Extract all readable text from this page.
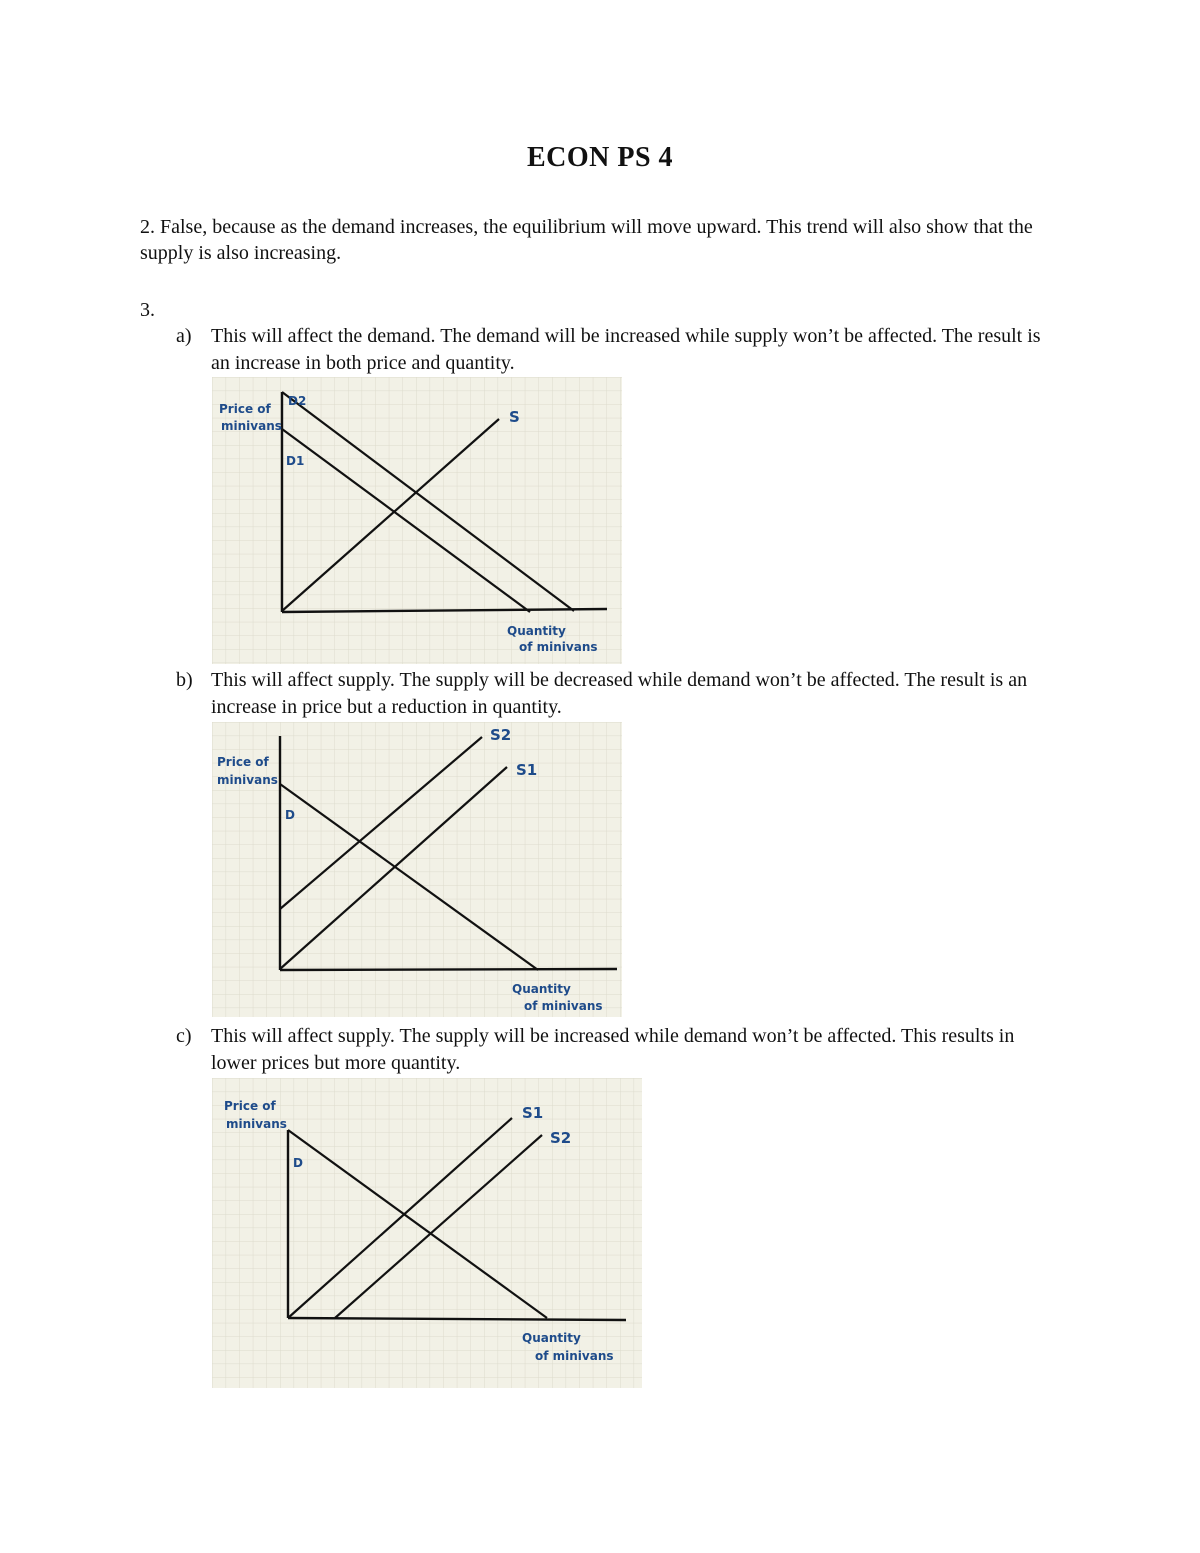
ECON PS 4

2. False, because as the demand increases, the equilibrium will move upward. This trend will also show that the supply is also increasing.

3.

a) This will affect the demand. The demand will be increased while supply won’t be affected. The result is an increase in both price and quantity.
Price of
minivans
D2
D1
S
Quantity
of minivans
b) This will affect supply. The supply will be decreased while demand won’t be affected. The result is an increase in price but a reduction in quantity.
Price of
minivans
D
S2
S1
Quantity
of minivans
c) This will affect supply. The supply will be increased while demand won’t be affected. This results in lower prices but more quantity.
Price of
minivans
D
S1
S2
Quantity
of minivans
